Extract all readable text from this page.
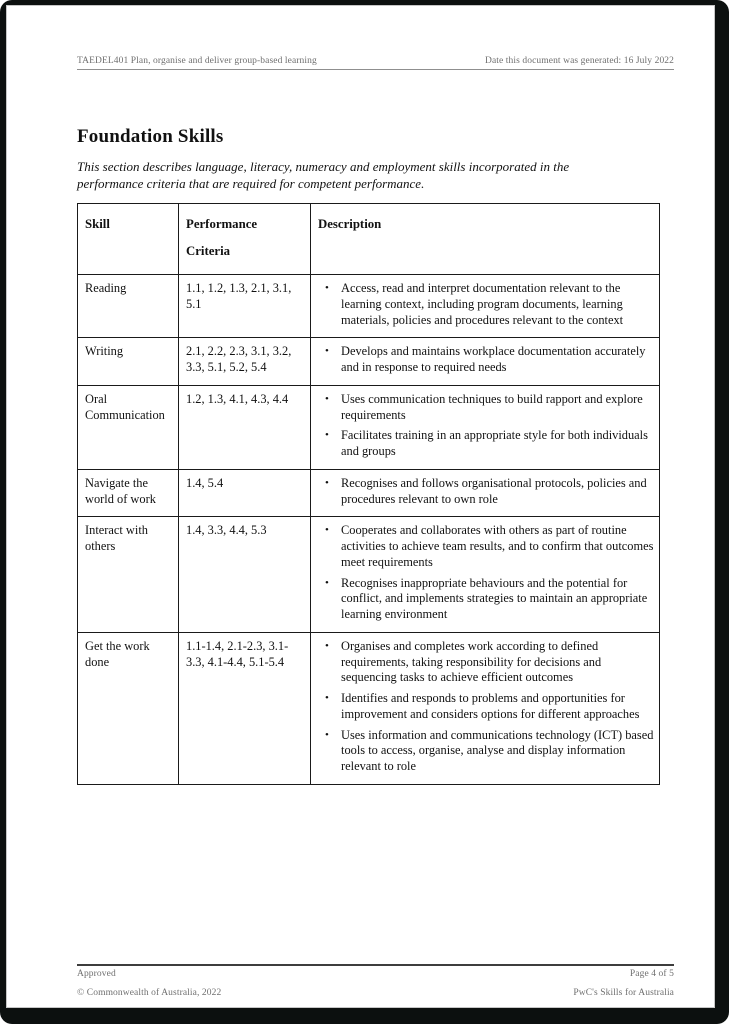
TAEDEL401 Plan, organise and deliver group-based learning	Date this document was generated: 16 July 2022
Foundation Skills

This section describes language, literacy, numeracy and employment skills incorporated in the performance criteria that are required for competent performance.

Skill	Performance Criteria	Description
Reading	1.1, 1.2, 1.3, 2.1, 3.1, 5.1	• Access, read and interpret documentation relevant to the learning context, including program documents, learning materials, policies and procedures relevant to the context

Writing	2.1, 2.2, 2.3, 3.1, 3.2, 3.3, 5.1, 5.2, 5.4	• Develops and maintains workplace documentation accurately and in response to required needs

Oral Communication	1.2, 1.3, 4.1, 4.3, 4.4	• Uses communication techniques to build rapport and explore requirements
• Facilitates training in an appropriate style for both individuals and groups

Navigate the world of work	1.4, 5.4	• Recognises and follows organisational protocols, policies and procedures relevant to own role

Interact with others	1.4, 3.3, 4.4, 5.3	• Cooperates and collaborates with others as part of routine activities to achieve team results, and to confirm that outcomes meet requirements
• Recognises inappropriate behaviours and the potential for conflict, and implements strategies to maintain an appropriate learning environment

Get the work done	1.1-1.4, 2.1-2.3, 3.1-3.3, 4.1-4.4, 5.1-5.4	
• Organises and completes work according to defined requirements, taking responsibility for decisions and sequencing tasks to achieve efficient outcomes
• Identifies and responds to problems and opportunities for improvement and considers options for different approaches
• Uses information and communications technology (ICT) based tools to access, organise, analyse and display information relevant to role
Approved	Page 4 of 5
© Commonwealth of Australia, 2022	PwC's Skills for Australia
